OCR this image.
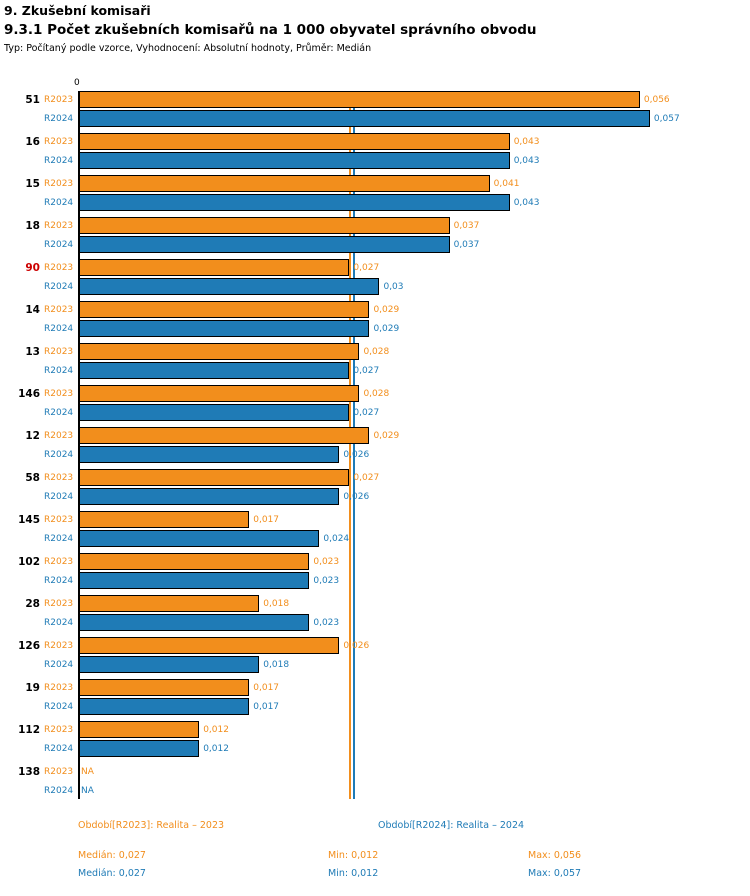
9. Zkušební komisaři
9.3.1 Počet zkušebních komisařů na 1 000 obyvatel správního obvodu
Typ: Počítaný podle vzorce, Vyhodnocení: Absolutní hodnoty, Průměr: Medián
0
51 R2023	0,056
R2024	0,057
16 R2023	0,043
R2024	0,043
15 R2023	0,041
R2024	0,043
18 R2023	0,037
R2024	0,037
90 R2023	0,027
R2024	0,03
14 R2023	0,029
R2024	0,029
13 R2023	0,028
R2024	0,027
146 R2023	0,028
R2024	0,027
12 R2023	0,029
R2024	0,026
58 R2023	0,027
R2024	0,026
145 R2023	0,017
R2024	0,024
102 R2023	0,023
R2024	0,023
28 R2023	0,018
R2024	0,023
126 R2023	0,026
R2024	0,018
19 R2023	0,017
R2024	0,017
112 R2023	0,012
R2024	0,012
138 R2023 NA
R2024 NA
Období[R2023]: Realita – 2023	Období[R2024]: Realita – 2024
Medián: 0,027	Min: 0,012	Max: 0,056
Medián: 0,027	Min: 0,012	Max: 0,057
